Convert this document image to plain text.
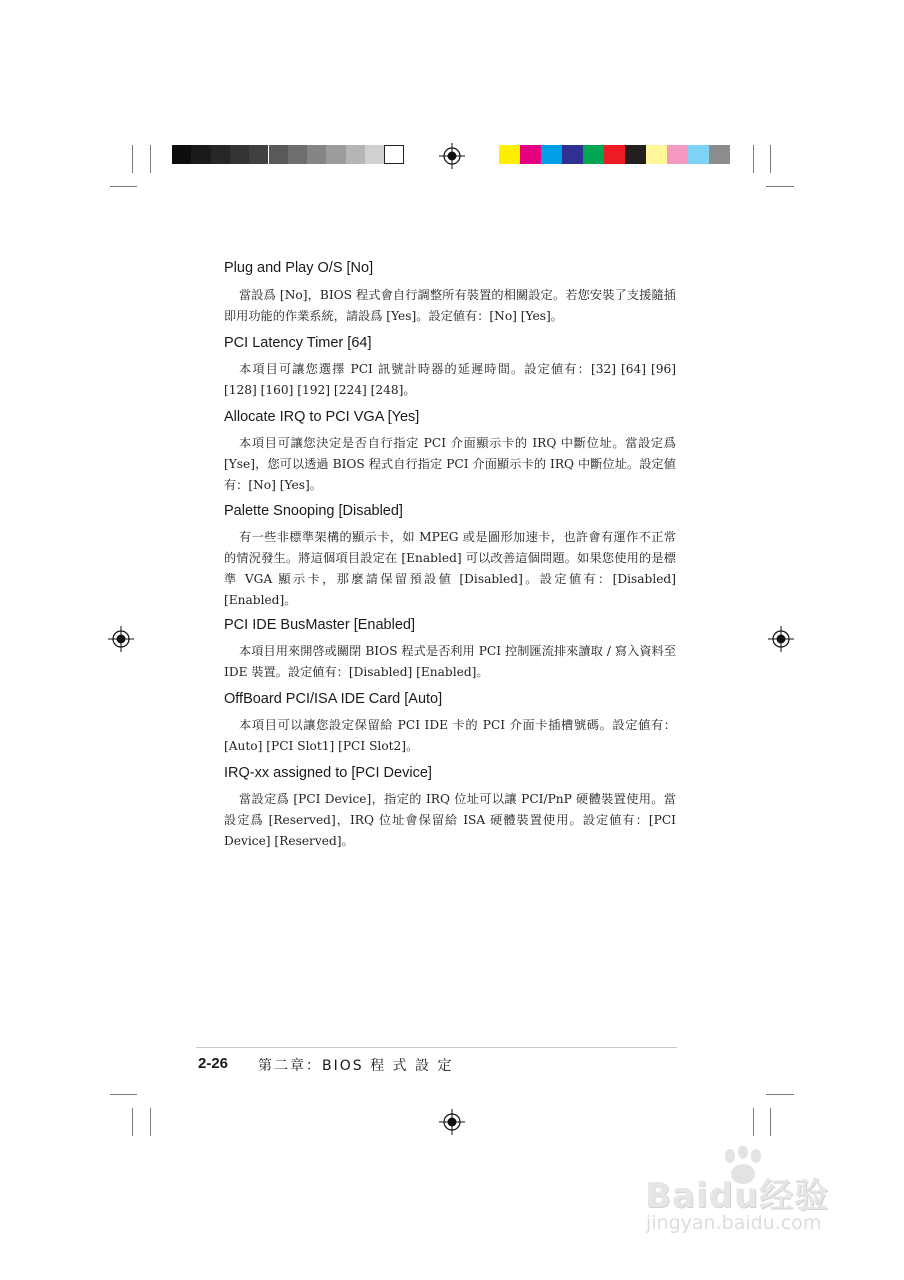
Plug and Play O/S [No]
當設爲 [No]，BIOS 程式會自行調整所有裝置的相關設定。若您安裝了支援隨插即用功能的作業系統，請設爲 [Yes]。設定値有：[No] [Yes]。
PCI Latency Timer [64]
本項目可讓您選擇 PCI 訊號計時器的延遲時間。設定値有：[32] [64] [96] [128] [160] [192] [224] [248]。
Allocate IRQ to PCI VGA [Yes]
本項目可讓您決定是否自行指定 PCI 介面顯示卡的 IRQ 中斷位址。當設定爲 [Yse]，您可以透過 BIOS 程式自行指定 PCI 介面顯示卡的 IRQ 中斷位址。設定値有：[No] [Yes]。
Palette Snooping [Disabled]
有一些非標準架構的顯示卡，如 MPEG 或是圖形加速卡，也許會有運作不正常的情況發生。將這個項目設定在 [Enabled] 可以改善這個問題。如果您使用的是標準 VGA 顯示卡，那麼請保留預設値 [Disabled]。設定値有：[Disabled] [Enabled]。
PCI IDE BusMaster [Enabled]
本項目用來開啓或關閉 BIOS 程式是否利用 PCI 控制匯流排來讀取 / 寫入資料至 IDE 裝置。設定値有：[Disabled] [Enabled]。
OffBoard PCI/ISA IDE Card [Auto]
本項目可以讓您設定保留給 PCI IDE 卡的 PCI 介面卡插槽號碼。設定値有：[Auto] [PCI Slot1] [PCI Slot2]。
IRQ-xx assigned to [PCI Device]
當設定爲 [PCI Device]，指定的 IRQ 位址可以讓 PCI/PnP 硬體裝置使用。當設定爲 [Reserved]，IRQ 位址會保留給 ISA 硬體裝置使用。設定値有：[PCI Device] [Reserved]。
2-26 第二章：BIOS 程 式 設 定
Baidu经验
jingyan.baidu.com
